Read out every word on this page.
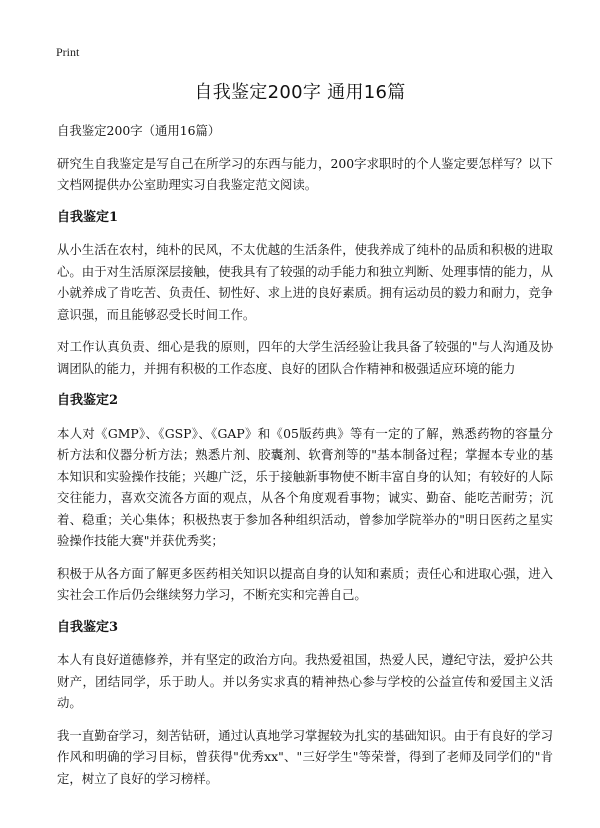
Print
自我鉴定200字 通用16篇

自我鉴定200字（通用16篇）

研究生自我鉴定是写自己在所学习的东西与能力，200字求职时的个人鉴定要怎样写？以下文档网提供办公室助理实习自我鉴定范文阅读。

自我鉴定1

从小生活在农村，纯朴的民风，不太优越的生活条件，使我养成了纯朴的品质和积极的进取心。由于对生活原深层接触，使我具有了较强的动手能力和独立判断、处理事情的能力，从小就养成了肯吃苦、负责任、韧性好、求上进的良好素质。拥有运动员的毅力和耐力，竞争意识强，而且能够忍受长时间工作。

对工作认真负责、细心是我的原则，四年的大学生活经验让我具备了较强的"与人沟通及协调团队的能力，并拥有积极的工作态度、良好的团队合作精神和极强适应环境的能力

自我鉴定2

本人对《GMP》、《GSP》、《GAP》和《05版药典》等有一定的了解，熟悉药物的容量分析方法和仪器分析方法；熟悉片剂、胶囊剂、软膏剂等的"基本制备过程；掌握本专业的基本知识和实验操作技能；兴趣广泛，乐于接触新事物使不断丰富自身的认知；有较好的人际交往能力，喜欢交流各方面的观点，从各个角度观看事物；诚实、勤奋、能吃苦耐劳；沉着、稳重；关心集体；积极热衷于参加各种组织活动，曾参加学院举办的"明日医药之星实验操作技能大赛"并获优秀奖；

积极于从各方面了解更多医药相关知识以提高自身的认知和素质；责任心和进取心强，进入实社会工作后仍会继续努力学习，不断充实和完善自己。

自我鉴定3

本人有良好道德修养，并有坚定的政治方向。我热爱祖国，热爱人民，遵纪守法，爱护公共财产，团结同学，乐于助人。并以务实求真的精神热心参与学校的公益宣传和爱国主义活动。

我一直勤奋学习，刻苦钻研，通过认真地学习掌握较为扎实的基础知识。由于有良好的学习作风和明确的学习目标，曾获得"优秀xx"、"三好学生"等荣誉，得到了老师及同学们的"肯定，树立了良好的学习榜样。
